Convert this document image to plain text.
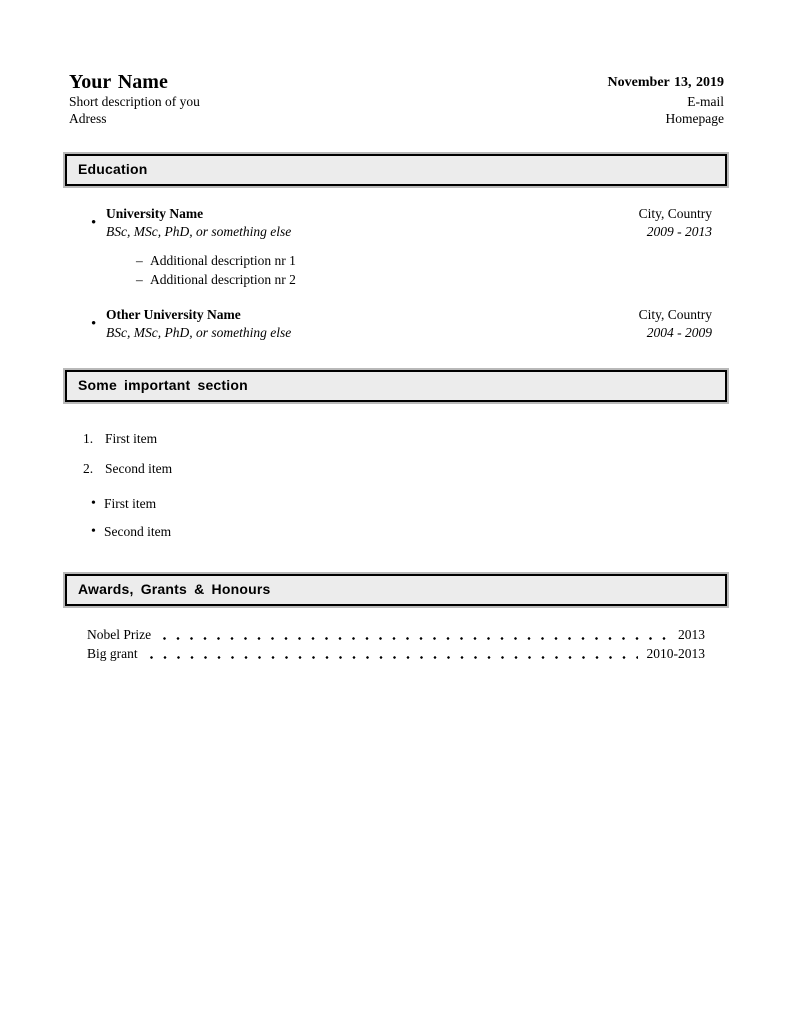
Your Name
Short description of you
Adress
November 13, 2019
E-mail
Homepage
Education
•
University Name
BSc, MSc, PhD, or something else
City, Country
2009 - 2013
– Additional description nr 1
– Additional description nr 2
•
Other University Name
BSc, MSc, PhD, or something else
City, Country
2004 - 2009
Some important section
1. First item
2. Second item
• First item
• Second item
Awards, Grants & Honours
Nobel Prize	2013
Big grant	2010-2013
